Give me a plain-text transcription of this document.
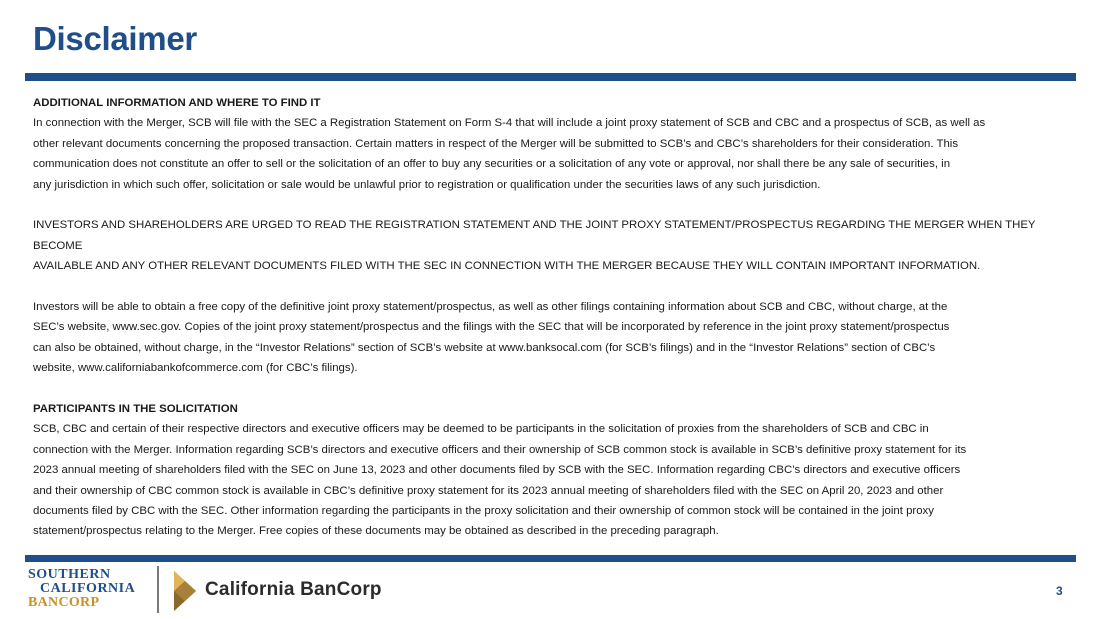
Disclaimer

ADDITIONAL INFORMATION AND WHERE TO FIND IT

In connection with the Merger, SCB will file with the SEC a Registration Statement on Form S-4 that will include a joint proxy statement of SCB and CBC and a prospectus of SCB, as well as

other relevant documents concerning the proposed transaction. Certain matters in respect of the Merger will be submitted to SCB’s and CBC’s shareholders for their consideration. This

communication does not constitute an offer to sell or the solicitation of an offer to buy any securities or a solicitation of any vote or approval, nor shall there be any sale of securities, in

any jurisdiction in which such offer, solicitation or sale would be unlawful prior to registration or qualification under the securities laws of any such jurisdiction.

INVESTORS AND SHAREHOLDERS ARE URGED TO READ THE REGISTRATION STATEMENT AND THE JOINT PROXY STATEMENT/PROSPECTUS REGARDING THE MERGER WHEN THEY BECOME

AVAILABLE AND ANY OTHER RELEVANT DOCUMENTS FILED WITH THE SEC IN CONNECTION WITH THE MERGER BECAUSE THEY WILL CONTAIN IMPORTANT INFORMATION.

Investors will be able to obtain a free copy of the definitive joint proxy statement/prospectus, as well as other filings containing information about SCB and CBC, without charge, at the

SEC’s website, www.sec.gov. Copies of the joint proxy statement/prospectus and the filings with the SEC that will be incorporated by reference in the joint proxy statement/prospectus

can also be obtained, without charge, in the “Investor Relations” section of SCB’s website at www.banksocal.com (for SCB’s filings) and in the “Investor Relations” section of CBC’s

website, www.californiabankofcommerce.com (for CBC’s filings).

PARTICIPANTS IN THE SOLICITATION

SCB, CBC and certain of their respective directors and executive officers may be deemed to be participants in the solicitation of proxies from the shareholders of SCB and CBC in

connection with the Merger. Information regarding SCB’s directors and executive officers and their ownership of SCB common stock is available in SCB’s definitive proxy statement for its

2023 annual meeting of shareholders filed with the SEC on June 13, 2023 and other documents filed by SCB with the SEC. Information regarding CBC’s directors and executive officers

and their ownership of CBC common stock is available in CBC’s definitive proxy statement for its 2023 annual meeting of shareholders filed with the SEC on April 20, 2023 and other

documents filed by CBC with the SEC. Other information regarding the participants in the proxy solicitation and their ownership of common stock will be contained in the joint proxy

statement/prospectus relating to the Merger. Free copies of these documents may be obtained as described in the preceding paragraph.

SOUTHERN
CALIFORNIA
BANCORP
California BanCorp	3
